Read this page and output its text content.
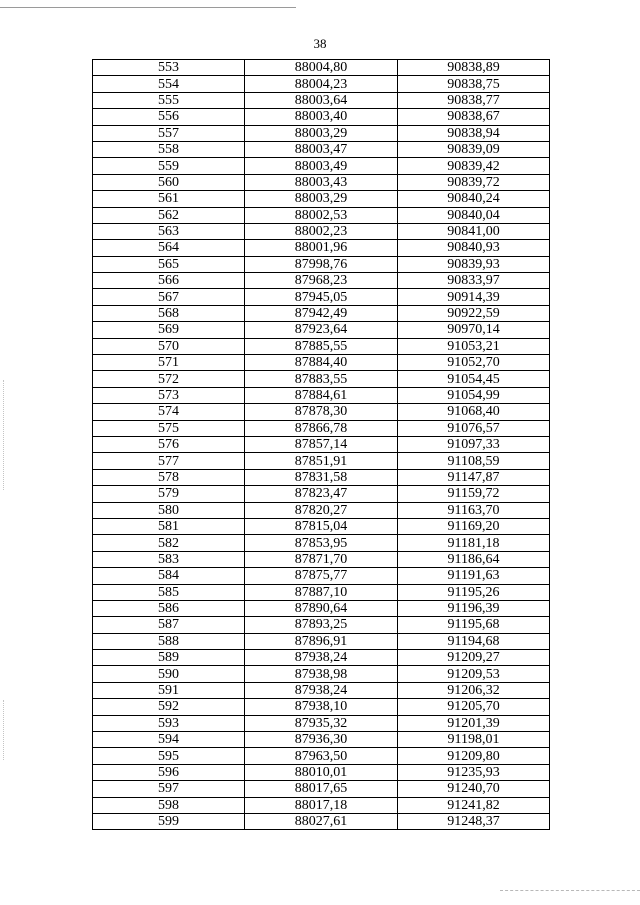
38
553	88004,80	90838,89
554	88004,23	90838,75
555	88003,64	90838,77
556	88003,40	90838,67
557	88003,29	90838,94
558	88003,47	90839,09
559	88003,49	90839,42
560	88003,43	90839,72
561	88003,29	90840,24
562	88002,53	90840,04
563	88002,23	90841,00
564	88001,96	90840,93
565	87998,76	90839,93
566	87968,23	90833,97
567	87945,05	90914,39
568	87942,49	90922,59
569	87923,64	90970,14
570	87885,55	91053,21
571	87884,40	91052,70
572	87883,55	91054,45
573	87884,61	91054,99
574	87878,30	91068,40
575	87866,78	91076,57
576	87857,14	91097,33
577	87851,91	91108,59
578	87831,58	91147,87
579	87823,47	91159,72
580	87820,27	91163,70
581	87815,04	91169,20
582	87853,95	91181,18
583	87871,70	91186,64
584	87875,77	91191,63
585	87887,10	91195,26
586	87890,64	91196,39
587	87893,25	91195,68
588	87896,91	91194,68
589	87938,24	91209,27
590	87938,98	91209,53
591	87938,24	91206,32
592	87938,10	91205,70
593	87935,32	91201,39
594	87936,30	91198,01
595	87963,50	91209,80
596	88010,01	91235,93
597	88017,65	91240,70
598	88017,18	91241,82
599	88027,61	91248,37
